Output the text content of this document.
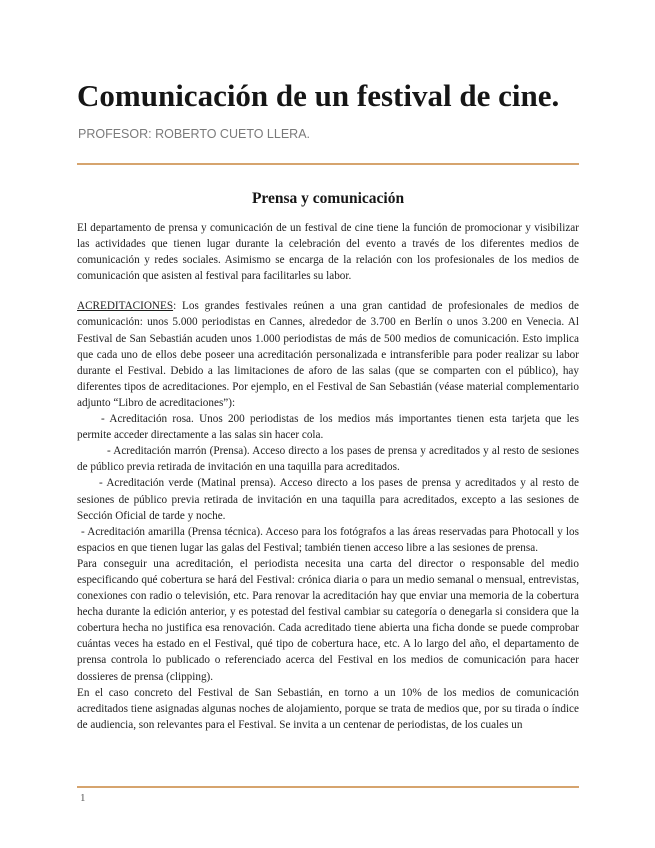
Comunicación de un festival de cine.
PROFESOR: ROBERTO CUETO LLERA.
Prensa y comunicación

El departamento de prensa y comunicación de un festival de cine tiene la función de promocionar y visibilizar las actividades que tienen lugar durante la celebración del evento a través de los diferentes medios de comunicación y redes sociales. Asimismo se encarga de la relación con los profesionales de los medios de comunicación que asisten al festival para facilitarles su labor.

ACREDITACIONES: Los grandes festivales reúnen a una gran cantidad de profesionales de medios de comunicación: unos 5.000 periodistas en Cannes, alrededor de 3.700 en Berlín o unos 3.200 en Venecia. Al Festival de San Sebastián acuden unos 1.000 periodistas de más de 500 medios de comunicación. Esto implica que cada uno de ellos debe poseer una acreditación personalizada e intransferible para poder realizar su labor durante el Festival. Debido a las limitaciones de aforo de las salas (que se comparten con el público), hay diferentes tipos de acreditaciones. Por ejemplo, en el Festival de San Sebastián (véase material complementario adjunto “Libro de acreditaciones”):

- Acreditación rosa. Unos 200 periodistas de los medios más importantes tienen esta tarjeta que les permite acceder directamente a las salas sin hacer cola.

- Acreditación marrón (Prensa). Acceso directo a los pases de prensa y acreditados y al resto de sesiones de público previa retirada de invitación en una taquilla para acreditados.

- Acreditación verde (Matinal prensa). Acceso directo a los pases de prensa y acreditados y al resto de sesiones de público previa retirada de invitación en una taquilla para acreditados, excepto a las sesiones de Sección Oficial de tarde y noche.

- Acreditación amarilla (Prensa técnica). Acceso para los fotógrafos a las áreas reservadas para Photocall y los espacios en que tienen lugar las galas del Festival; también tienen acceso libre a las sesiones de prensa.

Para conseguir una acreditación, el periodista necesita una carta del director o responsable del medio especificando qué cobertura se hará del Festival: crónica diaria o para un medio semanal o mensual, entrevistas, conexiones con radio o televisión, etc. Para renovar la acreditación hay que enviar una memoria de la cobertura hecha durante la edición anterior, y es potestad del festival cambiar su categoría o denegarla si considera que la cobertura hecha no justifica esa renovación. Cada acreditado tiene abierta una ficha donde se puede comprobar cuántas veces ha estado en el Festival, qué tipo de cobertura hace, etc. A lo largo del año, el departamento de prensa controla lo publicado o referenciado acerca del Festival en los medios de comunicación para hacer dossieres de prensa (clipping).

En el caso concreto del Festival de San Sebastián, en torno a un 10% de los medios de comunicación acreditados tiene asignadas algunas noches de alojamiento, porque se trata de medios que, por su tirada o índice de audiencia, son relevantes para el Festival. Se invita a un centenar de periodistas, de los cuales un

1
